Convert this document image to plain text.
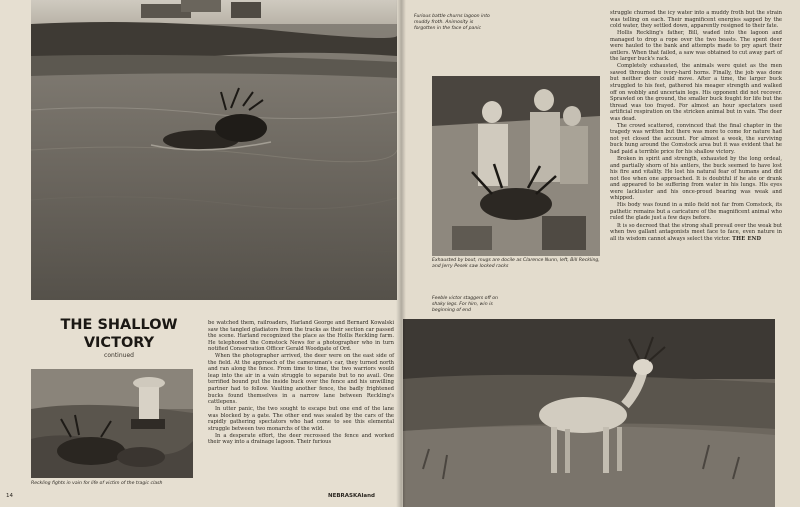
THE SHALLOW
VICTORY
continued
Reckling fights in vain for life of victim of the tragic clash

be watched them, railroaders, Harland George and Bernard Kowalski saw the tangled gladiators from the tracks as their section car passed the scene. Harland recognized the place as the Hollis Reckling farm. He telephoned the Comstock News for a photographer who in turn notified Conservation Officer Gerald Woodgate of Ord.

When the photographer arrived, the deer were on the east side of the field. At the approach of the cameraman's car, they turned north and ran along the fence. From time to time, the two warriors would leap into the air in a vain struggle to separate but to no avail. One terrified bound put the inside buck over the fence and his unwilling partner had to follow. Vaulting another fence, the badly frightened bucks found themselves in a narrow lane between Reckling's cattlepens.

In utter panic, the two sought to escape but one end of the lane was blocked by a gate. The other end was sealed by the cars of the rapidly gathering spectators who had come to see this elemental struggle between two monarchs of the wild.

In a desperate effort, the deer recrossed the fence and worked their way into a drainage lagoon. Their furious

14	NEBRASKAland
Furious battle churns lagoon into muddy froth. Animosity is forgotten in the face of panic
Exhausted by bout, mugs are docile as Clarence Nunn, left, Bill Reckling, and Jerry Pesek saw locked racks
Feeble victor staggers off on shaky legs. For him, win is beginning of end

struggle churned the icy water into a muddy froth but the strain was telling on each. Their magnificent energies sapped by the cold water, they settled down, apparently resigned to their fate.

Hollis Reckling's father, Bill, waded into the lagoon and managed to drop a rope over the two beasts. The spent deer were hauled to the bank and attempts made to pry apart their antlers. When that failed, a saw was obtained to cut away part of the larger buck's rack.

Completely exhausted, the animals were quiet as the men sawed through the ivory-hard horns. Finally, the job was done but neither deer could move. After a time, the larger buck struggled to his feet, gathered his meager strength and walked off on wobbly and uncertain legs. His opponent did not recover. Sprawled on the ground, the smaller buck fought for life but the thread was too frayed. For almost an hour spectators used artificial respiration on the stricken animal but in vain. The deer was dead.

The crowd scattered, convinced that the final chapter in the tragedy was written but there was more to come for nature had not yet closed the account. For almost a week, the surviving buck hung around the Comstock area but it was evident that he had paid a terrible price for his shallow victory.

Broken in spirit and strength, exhausted by the long ordeal, and partially shorn of his antlers, the buck seemed to have lost his fire and vitality. He lost his natural fear of humans and did not flee when one approached. It is doubtful if he ate or drank and appeared to be suffering from water in his lungs. His eyes were lackluster and his once-proud bearing was weak and whipped.

His body was found in a milo field not far from Comstock, its pathetic remains but a caricature of the magnificent animal who ruled the glade just a few days before.

It is so decreed that the strong shall prevail over the weak but when two gallant antagonists meet face to face, even nature in all its wisdom cannot always select the victor. THE END
